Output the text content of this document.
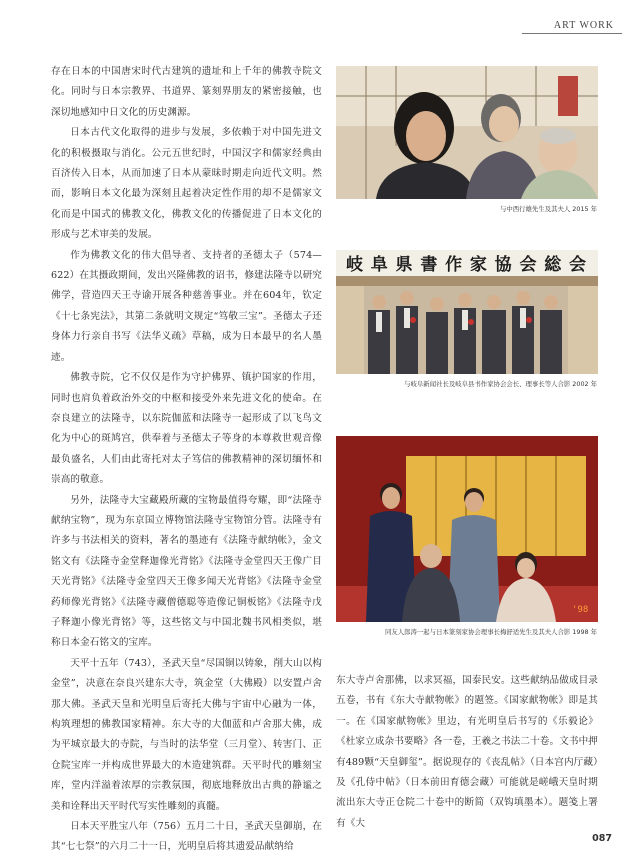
ART WORK

存在日本的中国唐宋时代古建筑的遗址和上千年的佛教寺院文化。同时与日本宗教界、书道界、篆刻界朋友的紧密接触，也深切地感知中日文化的历史渊源。

日本古代文化取得的进步与发展，多依赖于对中国先进文化的积极摄取与消化。公元五世纪时，中国汉字和儒家经典由百济传入日本，从而加速了日本从蒙昧时期走向近代文明。然而，影响日本文化最为深刻且起着决定性作用的却不是儒家文化而是中国式的佛教文化，佛教文化的传播促进了日本文化的形成与艺术审美的发展。

作为佛教文化的伟大倡导者、支持者的圣德太子（574—622）在其摄政期间，发出兴隆佛教的诏书，修建法隆寺以研究佛学，营造四天王寺谕开展各种慈善事业。并在604年，钦定《十七条宪法》，其第二条就明文规定“笃敬三宝”。圣德太子还身体力行亲自书写《法华义疏》草稿，成为日本最早的名人墨迹。

佛教寺院，它不仅仅是作为守护佛界、镇护国家的作用，同时也肩负着政治外交的中枢和接受外来先进文化的使命。在奈良建立的法隆寺，以东院伽蓝和法隆寺一起形成了以飞鸟文化为中心的斑鸠宫，供奉着与圣德太子等身的本尊救世观音像最负盛名，人们由此寄托对太子笃信的佛教精神的深切缅怀和崇高的敬意。

另外，法隆寺大宝藏殿所藏的宝物最值得夸耀，即“法隆寺献纳宝物”，现为东京国立博物馆法隆寺宝物馆分管。法隆寺有许多与书法相关的资料，著名的墨迹有《法隆寺献纳帐》，金文铭文有《法隆寺金堂释迦像光背铭》《法隆寺金堂四天王像广目天光背铭》《法隆寺金堂四天王像多闻天光背铭》《法隆寺金堂药师像光背铭》《法隆寺藏僧德聪等造像记铜板铭》《法隆寺戊子释迦小像光背铭》等，这些铭文与中国北魏书风相类似，堪称日本金石铭文的宝库。

天平十五年（743），圣武天皇“尽国铜以铸象，削大山以构金堂”，决意在奈良兴建东大寺，筑金堂（大佛殿）以安置卢舍那大佛。圣武天皇和光明皇后寄托大佛与宇宙中心融为一体，构筑理想的佛教国家精神。东大寺的大伽蓝和卢舍那大佛，成为平城京最大的寺院，与当时的法华堂（三月堂）、转害门、正仓院宝库一并构成世界最大的木造建筑群。天平时代的雕刻宝库，堂内洋溢着浓厚的宗教氛围，彻底地释放出古典的静谧之美和诠释出天平时代写实性雕刻的真髓。

日本天平胜宝八年（756）五月二十日，圣武天皇御崩，在其“七七祭”的六月二十一日，光明皇后将其遗爱品献纳给

与中西行雄先生及其夫人 2015 年
岐阜県書作家協会総会
与岐阜新闻社长及岐阜县书作家协会会长、理事长等人合影 2002 年
'98
同友人郎涛一起与日本篆刻家协会理事长梅舒适先生及其夫人合影 1998 年
东大寺卢舍那佛，以求冥福，国泰民安。这些献纳品做成目录五卷，书有《东大寺献物帐》的题签。《国家献物帐》即是其一。在《国家献物帐》里边，有光明皇后书写的《乐毅论》《杜家立成杂书要略》各一卷，王羲之书法二十卷。文书中押有489颗“天皇御玺”。据说现存的《丧乱帖》（日本宫内厅藏）及《孔侍中帖》（日本前田育德会藏）可能就是嵯峨天皇时期流出东大寺正仓院二十卷中的断简（双钩填墨本）。题笺上署有《大
087
